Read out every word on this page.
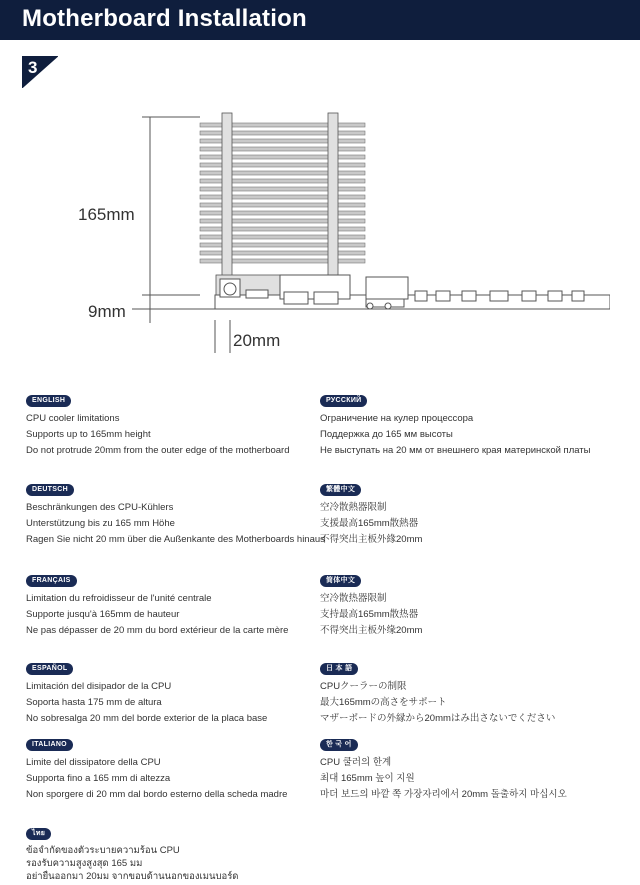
Motherboard Installation
3
165mm
9mm
20mm
ENGLISH
CPU cooler limitations
Supports up to 165mm height
Do not protrude 20mm from the outer edge of the motherboard
РУССКИЙ
Ограничение на кулер процессора
Поддержка до 165 мм высоты
Не выступать на 20 мм от внешнего края материнской платы
DEUTSCH
Beschränkungen des CPU-Kühlers
Unterstützung bis zu 165 mm Höhe
Ragen Sie nicht 20 mm über die Außenkante des Motherboards hinaus
繁體中文
空冷散熱器限制
支援最高165mm散熱器
不得突出主板外緣20mm
FRANÇAIS
Limitation du refroidisseur de l'unité centrale
Supporte jusqu'à 165mm de hauteur
Ne pas dépasser de 20 mm du bord extérieur de la carte mère
简体中文
空冷散热器限制
支持最高165mm散热器
不得突出主板外缘20mm
ESPAÑOL
Limitación del disipador de la CPU
Soporta hasta 175 mm de altura
No sobresalga 20 mm del borde exterior de la placa base
日 本 語
CPUクーラーの制限
最大165mmの高さをサポート
マザーボードの外縁から20mmはみ出さないでください
ITALIANO
Limite del dissipatore della CPU
Supporta fino a 165 mm di altezza
Non sporgere di 20 mm dal bordo esterno della scheda madre
한 국 어
CPU 쿨러의 한계
최대 165mm 높이 지원
마더 보드의 바깥 쪽 가장자리에서 20mm 돌출하지 마십시오
ไทย
ข้อจำกัดของตัวระบายความร้อน CPU
รองรับความสูงสูงสุด 165 มม
อย่ายื่นออกมา 20มม จากขอบด้านนอกของเมนบอร์ด
